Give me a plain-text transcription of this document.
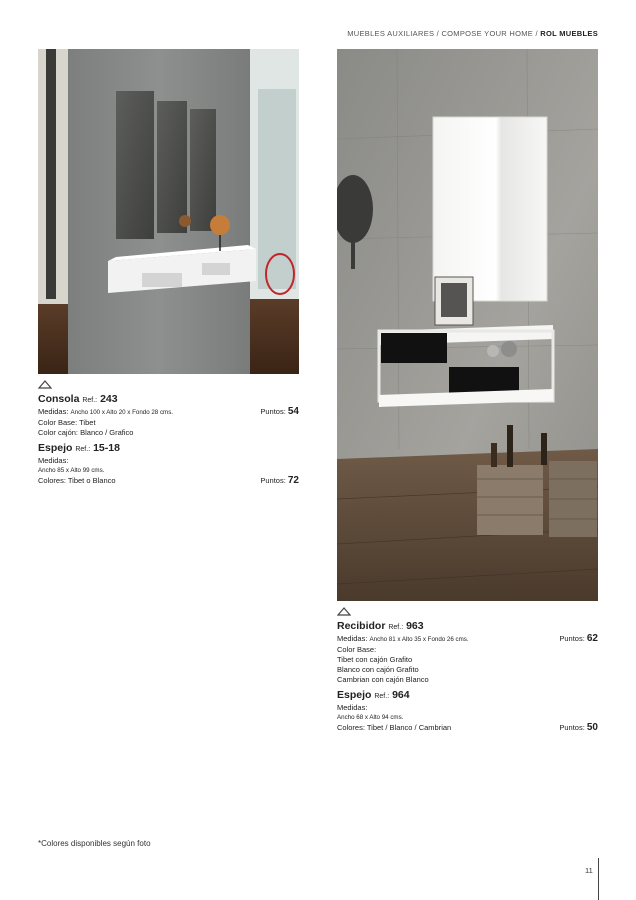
MUEBLES AUXILIARES / COMPOSE YOUR HOME / ROL MUEBLES
Consola Ref.: 243
Medidas: Ancho 100 x Alto 20 x Fondo 28 cms.	Puntos: 54
Color Base: Tibet
Color cajón: Blanco / Grafico
Espejo Ref.: 15-18
Medidas:
Ancho 85 x Alto 99 cms.
Colores: Tibet o Blanco	Puntos: 72
Recibidor Ref.: 963
Medidas: Ancho 81 x Alto 35 x Fondo 26 cms.	Puntos: 62
Color Base:
Tibet con cajón Grafito
Blanco con cajón Grafito
Cambrian con cajón Blanco
Espejo Ref.: 964
Medidas:
Ancho 68 x Alto 94 cms.
Colores: Tibet / Blanco / Cambrian	Puntos: 50
*Colores disponibles según foto
11
